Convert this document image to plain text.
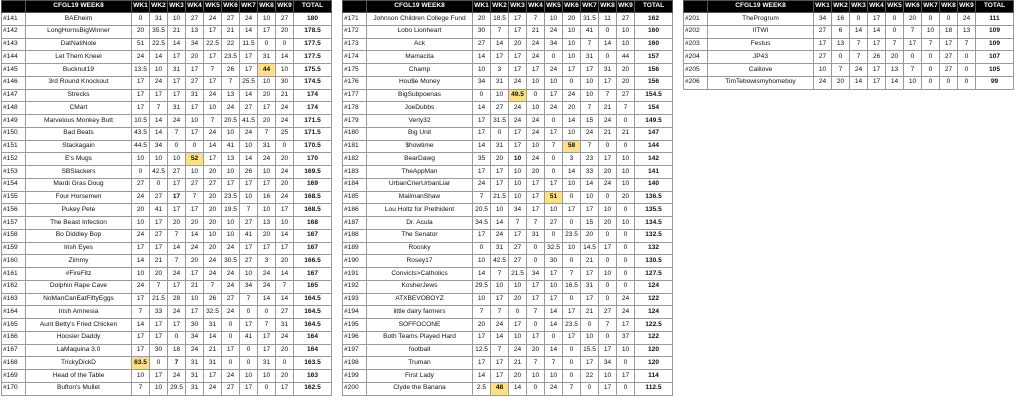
	CFGL19 WEEK8	WK1	WK2	WK3	WK4	WK5	WK6	WK7	WK8	WK9	TOTAL
#141	BAEheim	0	31	10	27	24	27	24	10	27	180
#142	LongHornsBigWinner	20	35.5	21	13	17	21	14	17	20	178.5
#143	DatNatiNole	51	22.5	14	34	22.5	22	11.5	0	0	177.5
#144	Let Them Kneel	24	14	17	20	17	23.5	17	31	14	177.5
#145	Bucknut19	13.5	10	31	17	7	26	17	44	10	175.5
#146	3rd Round Knockout	17	24	17	27	17	7	25.5	10	30	174.5
#147	Strecks	17	17	17	31	24	13	14	20	21	174
#148	CMart	17	7	31	17	10	24	27	17	24	174
#149	Marvelous Monkey Butt	10.5	14	24	10	7	20.5	41.5	20	24	171.5
#150	Bad Beats	43.5	14	7	17	24	10	24	7	25	171.5
#151	Stackagain	44.5	34	0	0	14	41	10	31	0	170.5
#152	E's Mugs	10	10	10	52	17	13	14	24	20	170
#153	SBSlackers	0	42.5	27	10	20	10	26	10	24	169.5
#154	Mardi Gras Doug	27	0	17	27	27	17	17	17	20	169
#155	Four Horsemen	24	27	17	7	20	23.5	10	16	24	168.5
#156	Pukey Pete	20	41	17	17	20	19.5	7	10	17	168.5
#157	The Beast Infection	10	17	20	20	20	10	27	13	10	168
#158	Bo Diddley Bop	24	27	7	14	10	10	41	20	14	167
#159	Irish Eyes	17	17	14	24	20	24	17	17	17	167
#160	Zimmy	14	21	7	20	24	30.5	27	3	20	166.5
#161	#FireFitz	10	20	24	17	24	24	10	24	14	167
#162	Dolphin Rape Cave	24	7	17	21	7	24	34	24	7	165
#163	NoManCanEatFiftyEggs	17	21.5	28	10	26	27	7	14	14	164.5
#164	Irish Amnesia	7	33	24	17	32.5	24	0	0	27	164.5
#165	Aunt Betty's Fried Chicken	14	17	17	30	31	0	17	7	31	164.5
#166	Hoosier Daddy	17	17	0	34	14	0	41	17	24	164
#167	LaMaquina 3.0	17	30	18	24	21	17	0	17	20	164
#168	TrickyDickD	63.5	0	7	31	31	0	0	31	0	163.5
#169	Head of the Table	10	17	24	31	17	24	10	10	20	163
#170	Bufton's Mullet	7	10	29.5	31	24	27	17	0	17	162.5
	CFGL19 WEEK8	WK1	WK2	WK3	WK4	WK5	WK6	WK7	WK8	WK9	TOTAL
#171	Johnson Children College Fund	20	18.5	17	7	10	20	31.5	11	27	162
#172	Lobo Lionheart	30	7	17	21	24	10	41	0	10	160
#173	Ack	27	14	20	24	34	10	7	14	10	160
#174	Mamacita	14	17	17	24	0	10	31	0	44	157
#175	Champ	10	3	17	17	24	17	17	31	20	156
#176	Hou$e Money	34	31	24	10	10	0	10	17	20	156
#177	BigSubpoenas	0	10	49.5	0	17	24	10	7	27	154.5
#178	JoeDubbs	14	27	24	10	24	20	7	21	7	154
#179	Verly32	17	31.5	24	24	0	14	15	24	0	149.5
#180	Big Unit	17	0	17	24	17	10	24	21	21	147
#181	$howtime	14	31	17	10	7	58	7	0	0	144
#182	BearDawg	35	20	10	24	0	3	23	17	10	142
#183	TheAppMan	17	17	10	20	0	14	33	20	10	141
#184	UrbanCrierUrbanLiar	24	17	10	17	17	10	14	24	10	140
#185	MailmanShaw	7	21.5	10	17	51	0	10	0	20	136.5
#186	Lou Holtz for Prethident	20.5	10	34	17	10	17	17	10	0	135.5
#187	Dr. Acula	34.5	14	7	7	27	0	15	20	10	134.5
#188	The Senator	17	24	17	31	0	23.5	20	0	0	132.5
#189	Roosky	0	31	27	0	32.5	10	14.5	17	0	132
#190	Rosey17	10	42.5	27	0	30	0	21	0	0	130.5
#191	Convicts>Catholics	14	7	21.5	34	17	7	17	10	0	127.5
#192	KosherJews	29.5	10	10	17	10	16.5	31	0	0	124
#193	ATXBEVOBOYZ	10	17	20	17	17	0	17	0	24	122
#194	little dairy farmers	7	7	0	7	14	17	21	27	24	124
#195	SOFFOCONE	20	24	17	0	14	23.5	0	7	17	122.5
#196	Both Teams Played Hard	17	14	10	17	0	17	10	0	37	122
#197	football	12.5	7	24	20	14	0	15.5	17	10	120
#198	Truman	17	17	21	7	7	0	17	34	0	120
#199	First Lady	14	17	20	10	10	0	22	10	17	114
#200	Clyde the Banana	2.5	48	14	0	24	7	0	17	0	112.5
	CFGL19 WEEK8	WK1	WK2	WK3	WK4	WK5	WK6	WK7	WK8	WK9	TOTAL
#201	TheProgrum	34	16	0	17	0	20	0	0	24	111
#202	IITWI	27	6	14	14	0	7	10	18	13	109
#203	Festus	17	13	7	17	7	17	7	17	7	109
#204	JP43	27	0	7	26	20	0	0	27	0	107
#205	Calilove	10	7	24	17	13	7	0	27	0	105
#206	TimTebowismyhomeboy	24	20	14	17	14	10	0	0	0	99
